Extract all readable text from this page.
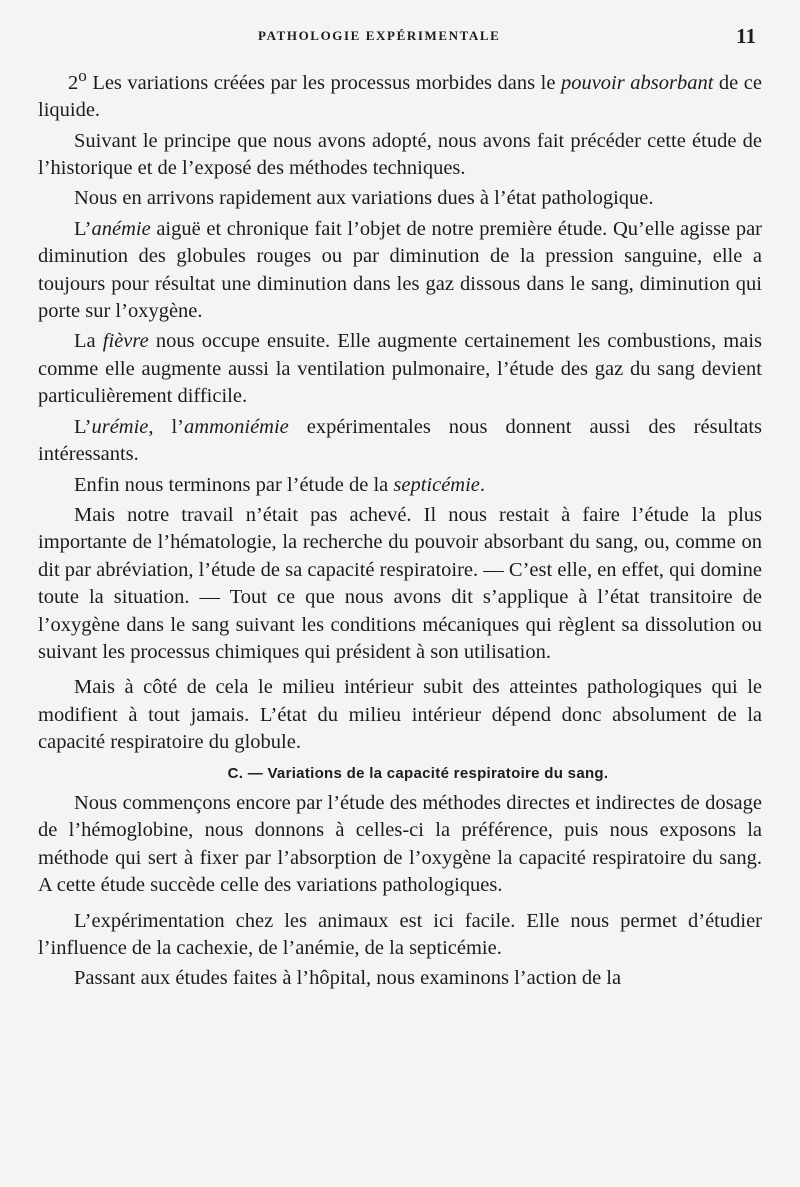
PATHOLOGIE EXPÉRIMENTALE	11

2$^o$ Les variations créées par les processus morbides dans le pouvoir absorbant de ce liquide.

Suivant le principe que nous avons adopté, nous avons fait précéder cette étude de l’historique et de l’exposé des méthodes techniques.

Nous en arrivons rapidement aux variations dues à l’état pathologique.

L’anémie aiguë et chronique fait l’objet de notre première étude. Qu’elle agisse par diminution des globules rouges ou par diminution de la pression sanguine, elle a toujours pour résultat une diminution dans les gaz dissous dans le sang, diminution qui porte sur l’oxygène.

La fièvre nous occupe ensuite. Elle augmente certainement les combustions, mais comme elle augmente aussi la ventilation pulmonaire, l’étude des gaz du sang devient particulièrement difficile.

L’urémie, l’ammoniémie expérimentales nous donnent aussi des résultats intéressants.

Enfin nous terminons par l’étude de la septicémie.

Mais notre travail n’était pas achevé. Il nous restait à faire l’étude la plus importante de l’hématologie, la recherche du pouvoir absorbant du sang, ou, comme on dit par abréviation, l’étude de sa capacité respiratoire. — C’est elle, en effet, qui domine toute la situation. — Tout ce que nous avons dit s’applique à l’état transitoire de l’oxygène dans le sang suivant les conditions mécaniques qui règlent sa dissolution ou suivant les processus chimiques qui président à son utilisation.

Mais à côté de cela le milieu intérieur subit des atteintes pathologiques qui le modifient à tout jamais. L’état du milieu intérieur dépend donc absolument de la capacité respiratoire du globule.

C. — Variations de la capacité respiratoire du sang.

Nous commençons encore par l’étude des méthodes directes et indirectes de dosage de l’hémoglobine, nous donnons à celles-ci la préférence, puis nous exposons la méthode qui sert à fixer par l’absorption de l’oxygène la capacité respiratoire du sang. A cette étude succède celle des variations pathologiques.

L’expérimentation chez les animaux est ici facile. Elle nous permet d’étudier l’influence de la cachexie, de l’anémie, de la septicémie.

Passant aux études faites à l’hôpital, nous examinons l’action de la
